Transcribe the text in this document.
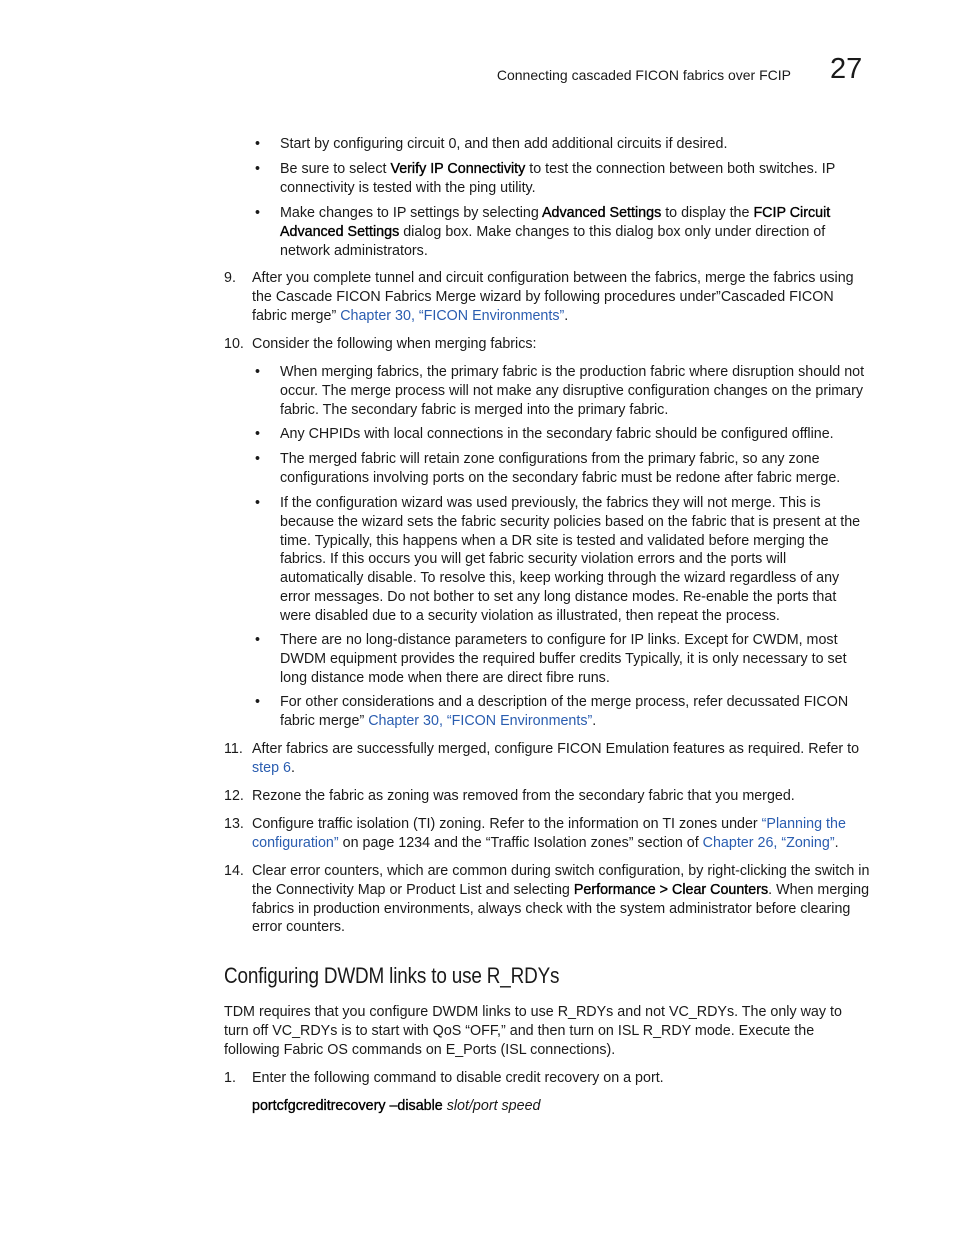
Connecting cascaded FICON fabrics over FCIP 27
• Start by configuring circuit 0, and then add additional circuits if desired.
• Be sure to select Verify IP Connectivity to test the connection between both switches. IP connectivity is tested with the ping utility.
• Make changes to IP settings by selecting Advanced Settings to display the FCIP Circuit Advanced Settings dialog box. Make changes to this dialog box only under direction of network administrators.
9.	After you complete tunnel and circuit configuration between the fabrics, merge the fabrics using the Cascade FICON Fabrics Merge wizard by following procedures under”Cascaded FICON fabric merge” Chapter 30, “FICON Environments”.
10. Consider the following when merging fabrics:
• When merging fabrics, the primary fabric is the production fabric where disruption should not occur. The merge process will not make any disruptive configuration changes on the primary fabric. The secondary fabric is merged into the primary fabric.
• Any CHPIDs with local connections in the secondary fabric should be configured offline.
• The merged fabric will retain zone configurations from the primary fabric, so any zone configurations involving ports on the secondary fabric must be redone after fabric merge.
• If the configuration wizard was used previously, the fabrics they will not merge. This is because the wizard sets the fabric security policies based on the fabric that is present at the time. Typically, this happens when a DR site is tested and validated before merging the fabrics. If this occurs you will get fabric security violation errors and the ports will automatically disable. To resolve this, keep working through the wizard regardless of any error messages. Do not bother to set any long distance modes. Re-enable the ports that were disabled due to a security violation as illustrated, then repeat the process.
• There are no long-distance parameters to configure for IP links. Except for CWDM, most DWDM equipment provides the required buffer credits Typically, it is only necessary to set long distance mode when there are direct fibre runs.
• For other considerations and a description of the merge process, refer decussated FICON fabric merge” Chapter 30, “FICON Environments”.
11. After fabrics are successfully merged, configure FICON Emulation features as required. Refer to step 6.
12. Rezone the fabric as zoning was removed from the secondary fabric that you merged.
13. Configure traffic isolation (TI) zoning. Refer to the information on TI zones under “Planning the configuration” on page 1234 and the “Traffic Isolation zones” section of Chapter 26, “Zoning”.
14. Clear error counters, which are common during switch configuration, by right-clicking the switch in the Connectivity Map or Product List and selecting Performance > Clear Counters. When merging fabrics in production environments, always check with the system administrator before clearing error counters.
Configuring DWDM links to use R_RDYs
TDM requires that you configure DWDM links to use R_RDYs and not VC_RDYs. The only way to turn off VC_RDYs is to start with QoS “OFF,” and then turn on ISL R_RDY mode. Execute the following Fabric OS commands on E_Ports (ISL connections).
1.	Enter the following command to disable credit recovery on a port.
portcfgcreditrecovery –disable slot/port speed
